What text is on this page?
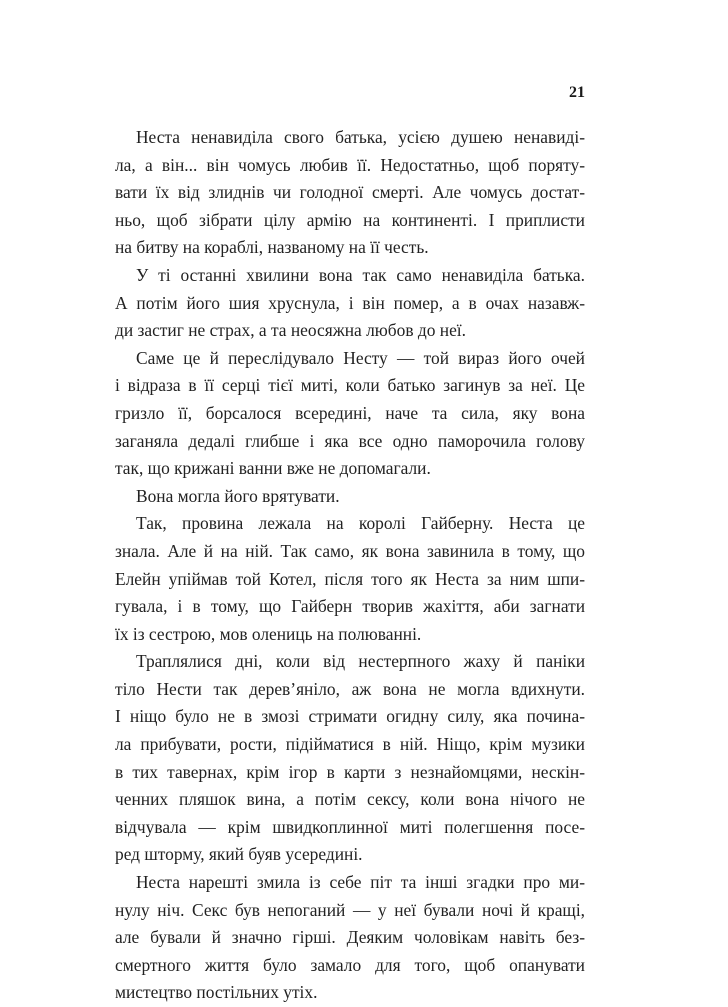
21
Неста ненавиділа свого батька, усією душею ненавиді-
ла, а він... він чомусь любив її. Недостатньо, щоб поряту-
вати їх від злиднів чи голодної смерті. Але чомусь достат-
ньо, щоб зібрати цілу армію на континенті. І приплисти
на битву на кораблі, названому на її честь.
У ті останні хвилини вона так само ненавиділа батька.
А потім його шия хруснула, і він помер, а в очах назавж-
ди застиг не страх, а та неосяжна любов до неї.
Саме це й переслідувало Несту — той вираз його очей
і відраза в її серці тієї миті, коли батько загинув за неї. Це
гризло її, борсалося всередині, наче та сила, яку вона
заганяла дедалі глибше і яка все одно паморочила голову
так, що крижані ванни вже не допомагали.
Вона могла його врятувати.
Так, провина лежала на королі Гайберну. Неста це
знала. Але й на ній. Так само, як вона завинила в тому, що
Елейн упіймав той Котел, після того як Неста за ним шпи-
гувала, і в тому, що Гайберн творив жахіття, аби загнати
їх із сестрою, мов олениць на полюванні.
Траплялися дні, коли від нестерпного жаху й паніки
тіло Нести так дерев’яніло, аж вона не могла вдихнути.
І ніщо було не в змозі стримати огидну силу, яка почина-
ла прибувати, рости, підійматися в ній. Ніщо, крім музики
в тих тавернах, крім ігор в карти з незнайомцями, нескін-
ченних пляшок вина, а потім сексу, коли вона нічого не
відчувала — крім швидкоплинної миті полегшення посе-
ред шторму, який буяв усередині.
Неста нарешті змила із себе піт та інші згадки про ми-
нулу ніч. Секс був непоганий — у неї бували ночі й кращі,
але бували й значно гірші. Деяким чоловікам навіть без-
смертного життя було замало для того, щоб опанувати
мистецтво постільних утіх.
